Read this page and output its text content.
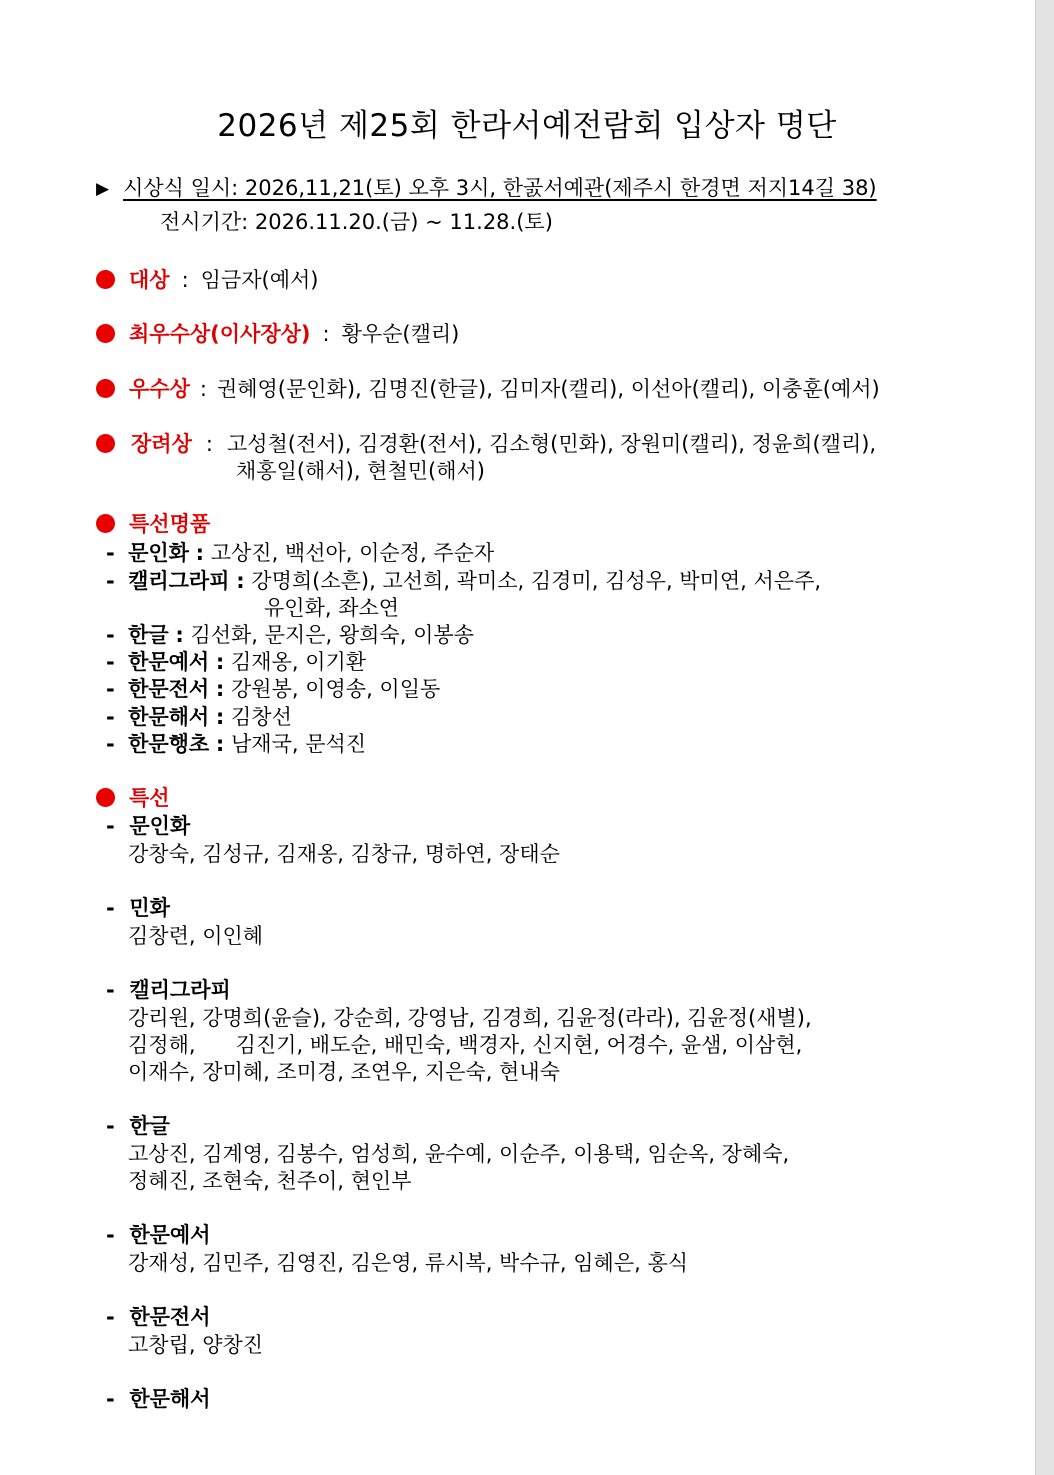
2026년 제25회 한라서예전람회 입상자 명단
▶ 시상식 일시: 2026,11,21(토) 오후 3시, 한곬서예관(제주시 한경면 저지14길 38)
전시기간: 2026.11.20.(금) ~ 11.28.(토)
대상 : 임금자(예서)
최우수상(이사장상) : 황우순(캘리)
우수상 : 권혜영(문인화), 김명진(한글), 김미자(캘리), 이선아(캘리), 이충훈(예서)
장려상 : 고성철(전서), 김경환(전서), 김소형(민화), 장원미(캘리), 정윤희(캘리),
채홍일(해서), 현철민(해서)
특선명품
- 문인화 : 고상진, 백선아, 이순정, 주순자
- 캘리그라피 : 강명희(소흔), 고선희, 곽미소, 김경미, 김성우, 박미연, 서은주,
유인화, 좌소연
- 한글 : 김선화, 문지은, 왕희숙, 이봉송
- 한문예서 : 김재옹, 이기환
- 한문전서 : 강원봉, 이영송, 이일동
- 한문해서 : 김창선
- 한문행초 : 남재국, 문석진
특선
- 문인화
강창숙, 김성규, 김재옹, 김창규, 명하연, 장태순
- 민화
김창련, 이인혜
- 캘리그라피
강리원, 강명희(윤슬), 강순희, 강영남, 김경희, 김윤정(라라), 김윤정(새별),
김정해,      김진기, 배도순, 배민숙, 백경자, 신지현, 어경수, 윤샘, 이삼현,
이재수, 장미혜, 조미경, 조연우, 지은숙, 현내숙
- 한글
고상진, 김계영, 김봉수, 엄성희, 윤수예, 이순주, 이용택, 임순옥, 장혜숙,
정혜진, 조현숙, 천주이, 현인부
- 한문예서
강재성, 김민주, 김영진, 김은영, 류시복, 박수규, 임혜은, 홍식
- 한문전서
고창립, 양창진
- 한문해서
